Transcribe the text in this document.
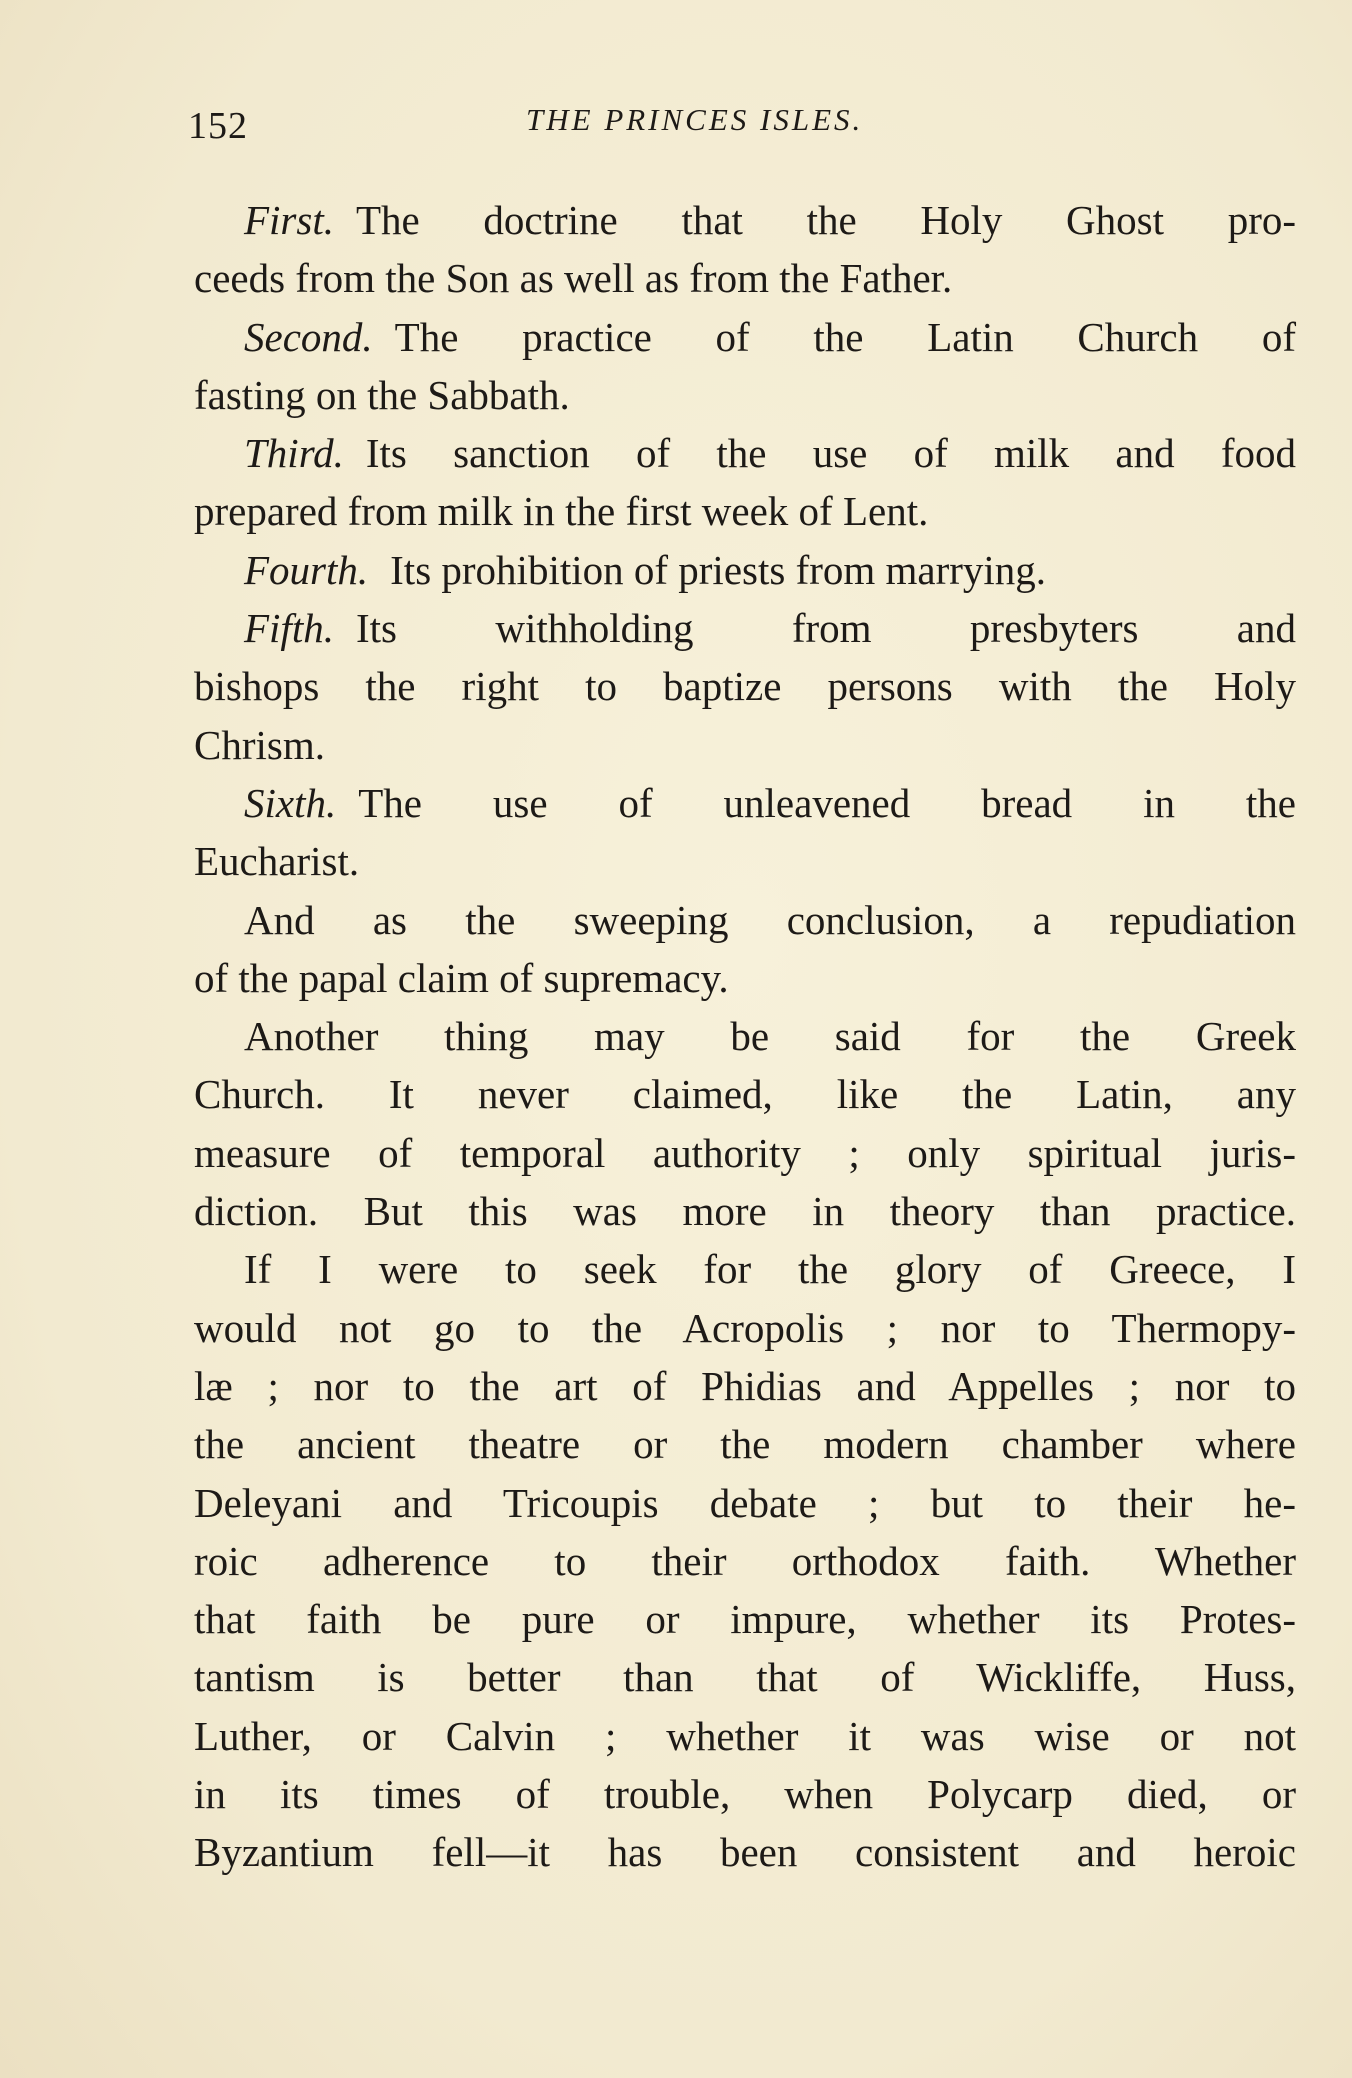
152	THE PRINCES ISLES.
First. The doctrine that the Holy Ghost pro-
ceeds from the Son as well as from the Father.
Second. The practice of the Latin Church of
fasting on the Sabbath.
Third. Its sanction of the use of milk and food
prepared from milk in the first week of Lent.
Fourth. Its prohibition of priests from marrying.
Fifth. Its withholding from presbyters and
bishops the right to baptize persons with the Holy
Chrism.
Sixth. The use of unleavened bread in the
Eucharist.
And as the sweeping conclusion, a repudiation
of the papal claim of supremacy.
Another thing may be said for the Greek
Church. It never claimed, like the Latin, any
measure of temporal authority ; only spiritual juris-
diction. But this was more in theory than practice.
If I were to seek for the glory of Greece, I
would not go to the Acropolis ; nor to Thermopy-
læ ; nor to the art of Phidias and Appelles ; nor to
the ancient theatre or the modern chamber where
Deleyani and Tricoupis debate ; but to their he-
roic adherence to their orthodox faith. Whether
that faith be pure or impure, whether its Protes-
tantism is better than that of Wickliffe, Huss,
Luther, or Calvin ; whether it was wise or not
in its times of trouble, when Polycarp died, or
Byzantium fell—it has been consistent and heroic
